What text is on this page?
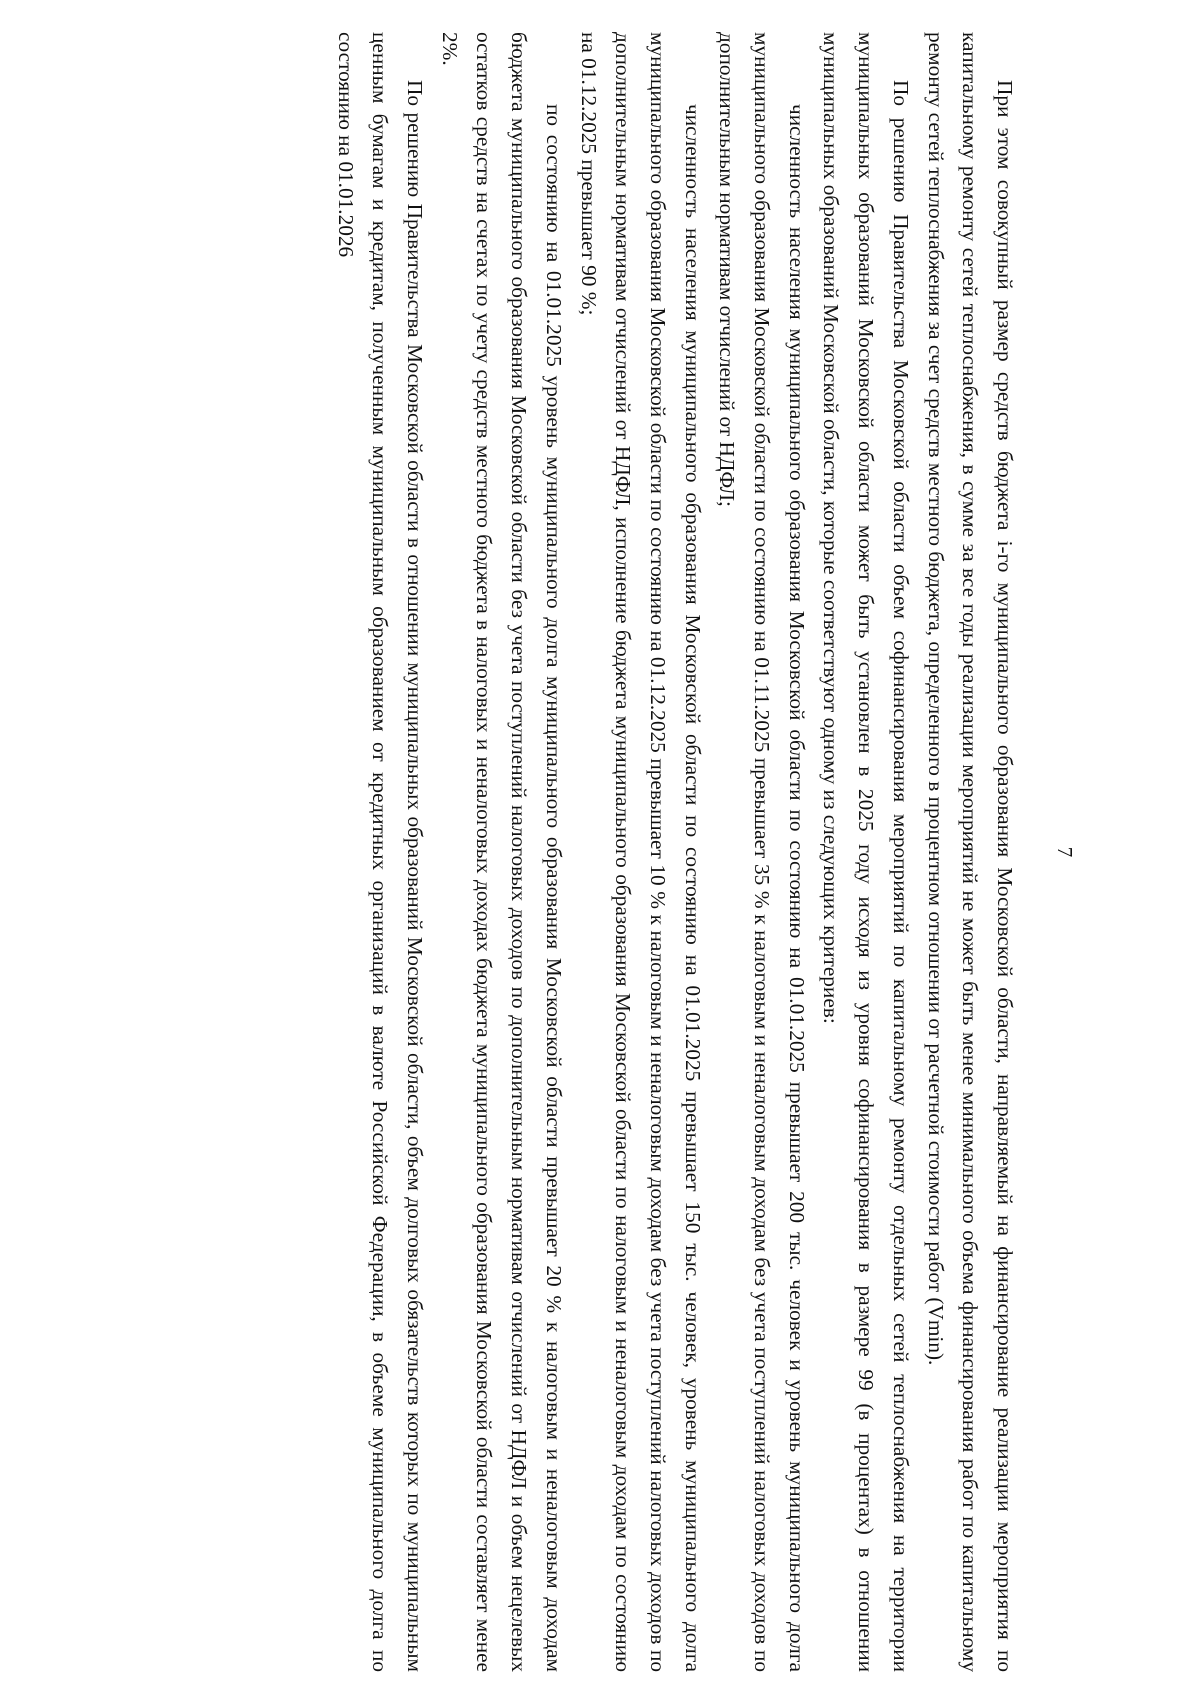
7

При этом совокупный размер средств бюджета i-го муниципального образования Московской области, направляемый на финансирование реализации мероприятия по капитальному ремонту сетей теплоснабжения, в сумме за все годы реализации мероприятий не может быть менее минимального объема финансирования работ по капитальному ремонту сетей теплоснабжения за счет средств местного бюджета, определенного в процентном отношении от расчетной стоимости работ (Vmin).

По решению Правительства Московской области объем софинансирования мероприятий по капитальному ремонту отдельных сетей теплоснабжения на территории муниципальных образований Московской области может быть установлен в 2025 году исходя из уровня софинансирования в размере 99 (в процентах) в отношении муниципальных образований Московской области, которые соответствуют одному из следующих критериев:

численность населения муниципального образования Московской области по состоянию на 01.01.2025 превышает 200 тыс. человек и уровень муниципального долга муниципального образования Московской области по состоянию на 01.11.2025 превышает 35 % к налоговым и неналоговым доходам без учета поступлений налоговых доходов по дополнительным нормативам отчислений от НДФЛ;

численность населения муниципального образования Московской области по состоянию на 01.01.2025 превышает 150 тыс. человек, уровень муниципального долга муниципального образования Московской области по состоянию на 01.12.2025 превышает 10 % к налоговым и неналоговым доходам без учета поступлений налоговых доходов по дополнительным нормативам отчислений от НДФЛ, исполнение бюджета муниципального образования Московской области по налоговым и неналоговым доходам по состоянию на 01.12.2025 превышает 90 %;

по состоянию на 01.01.2025 уровень муниципального долга муниципального образования Московской области превышает 20 % к налоговым и неналоговым доходам бюджета муниципального образования Московской области без учета поступлений налоговых доходов по дополнительным нормативам отчислений от НДФЛ и объем нецелевых остатков средств на счетах по учету средств местного бюджета в налоговых и неналоговых доходах бюджета муниципального образования Московской области составляет менее 2%.

По решению Правительства Московской области в отношении муниципальных образований Московской области, объем долговых обязательств которых по муниципальным ценным бумагам и кредитам, полученным муниципальным образованием от кредитных организаций в валюте Российской Федерации, в объеме муниципального долга по состоянию на 01.01.2026
